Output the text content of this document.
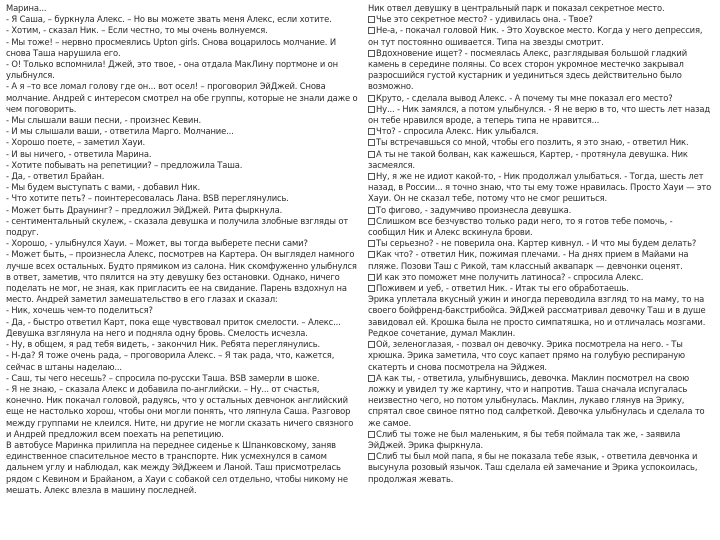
Марина...

- Я Саша, – буркнула Алекс. – Но вы можете звать меня Алекс, если хотите.

- Хотим, - сказал Ник. – Если честно, то мы очень волнуемся.

- Мы тоже! – нервно просмеялись Upton girls. Снова воцарилось молчание. И снова Таша нарушила его.

- О! Только вспомнила! Джей, это твое, - она отдала МакЛину портмоне и он улыбнулся.

- А я –то все ломал голову где он... вот осел! – проговорил ЭйДжей. Снова молчание. Андрей с интересом смотрел на обе группы, которые не знали даже о чем поговорить.

- Мы слышали ваши песни, - произнес Кевин.

- И мы слышали ваши, - ответила Марго. Молчание...

- Хорошо поете, – заметил Хауи.

- И вы ничего, - ответила Марина.

- Хотите побывать на репетиции? – предложила Таша.

- Да, - ответил Брайан.

- Мы будем выступать с вами, - добавил Ник.

- Что хотите петь? – поинтересовалась Лана. BSB переглянулись.

- Может быть Драунинг? – предложил ЭйДжей. Рита фыркнула.

- сентиментальный скулеж, - сказала девушка и получила злобные взгляды от подруг.

- Хорошо, - улыбнулся Хауи. – Может, вы тогда выберете песни сами?

- Может быть, – произнесла Алекс, посмотрев на Картера. Он выглядел намного лучше всех остальных. Будто прямиком из салона. Ник скомфуженно улыбнулся в ответ, заметив, что пялится на эту девушку без остановки. Однако, ничего поделать не мог, не зная, как пригласить ее на свидание. Парень вздохнул на место. Андрей заметил замешательство в его глазах и сказал:

- Ник, хочешь чем-то поделиться?

- Да, - быстро ответил Карт, пока еще чувствовал приток смелости. – Алекс... Девушка взглянула на него и подняла одну бровь. Смелость исчезла.

- Ну, в общем, я рад тебя видеть, - закончил Ник. Ребята переглянулись.

- Н-да? Я тоже очень рада, – проговорила Алекс. – Я так рада, что, кажется, сейчас в штаны наделаю...

- Саш, ты чего несешь? – спросила по-русски Таша. BSB замерли в шоке.

- Я не знаю, – сказала Алекс и добавила по-английски. – Ну... от счастья, конечно. Ник покачал головой, радуясь, что у остальных девчонок английский еще не настолько хорош, чтобы они могли понять, что ляпнула Саша. Разговор между группами не клеился. Ните, ни другие не могли сказать ничего связного и Андрей предложил всем поехать на репетицию.

В автобусе Маринка прилипла на переднее сиденье к Шпанковскому, заняв единственное спасительное место в транспорте. Ник усмехнулся в самом дальнем углу и наблюдал, как между ЭйДжеем и Ланой. Таш присмотрелась рядом с Кевином и Брайаном, а Хауи с собакой сел отдельно, чтобы никому не мешать. Алекс влезла в машину последней.

Ник отвел девушку в центральный парк и показал секретное место.

Чье это секретное место? - удивилась она. - Твое?

Не-а, - покачал головой Ник. - Это Хоувское место. Когда у него депрессия, он тут постоянно ошивается. Типа на звезды смотрит.

Вдохновение ищет? - посмеялась Алекс, разглядывая большой гладкий камень в середине поляны. Со всех сторон укромное местечко закрывал разросшийся густой кустарник и уединиться здесь действительно было возможно.

Круто, - сделала вывод Алекс. - А почему ты мне показал его место?

Ну... - Ник замялся, а потом улыбнулся. - Я не верю в то, что шесть лет назад он тебе нравился вроде, а теперь типа не нравится...

Что? - спросила Алекс. Ник улыбался.

Ты встречавшься со мной, чтобы его позлить, я это знаю, - ответил Ник.

А ты не такой болван, как кажешься, Картер, - протянула девушка. Ник засмеялся.

Ну, я же не идиот какой-то, - Ник продолжал улыбаться. - Тогда, шесть лет назад, в России... я точно знаю, что ты ему тоже нравилась. Просто Хауи — это Хауи. Он не сказал тебе, потому что не смог решиться.

То фигово, - задумчиво произнесла девушка.

Слишком все безчувство только ради него, то я готов тебе помочь, - сообщил Ник и Алекс вскинула брови.

Ты серьезно? - не поверила она. Картер кивнул. - И что мы будем делать?

Как что? - ответил Ник, пожимая плечами. - На днях прием в Майами на пляже. Позови Таш с Рикой, там классный аквапарк — девчонки оценят.

И как это поможет мне получить латиноса? - спросила Алекс.

Поживем и уеб, - ответил Ник. - Итак ты его обработаешь.

Эрика уплетала вкусный ужин и иногда переводила взгляд то на маму, то на своего бойфренд-бакстрибойса. ЭйДжей рассматривал девочку Таш и в душе завидовал ей. Крошка была не просто симпатяшка, но и отличалась мозгами. Редкое сочетание, думал Маклин.

Ой, зеленоглазая, - позвал он девочку. Эрика посмотрела на него. - Ты хрюшка. Эрика заметила, что соус капает прямо на голубую респираную скатерть и снова посмотрела на Эйджея.

А как ты, - ответила, улыбнувшись, девочка. Маклин посмотрел на свою ложку и увидел ту же картину, что и напротив. Таша сначала испугалась неизвестно чего, но потом улыбнулась. Маклин, лукаво глянув на Эрику, спрятал свое свиное пятно под салфеткой. Девочка улыбнулась и сделала то же самое.

Слиб ты тоже не был маленьким, я бы тебя поймала так же, - заявила ЭйДжей. Эрика фыркнула.

Слиб ты был мой папа, я бы не показала тебе язык, - ответила девчонка и высунула розовый язычок. Таш сделала ей замечание и Эрика успокоилась, продолжая жевать.
